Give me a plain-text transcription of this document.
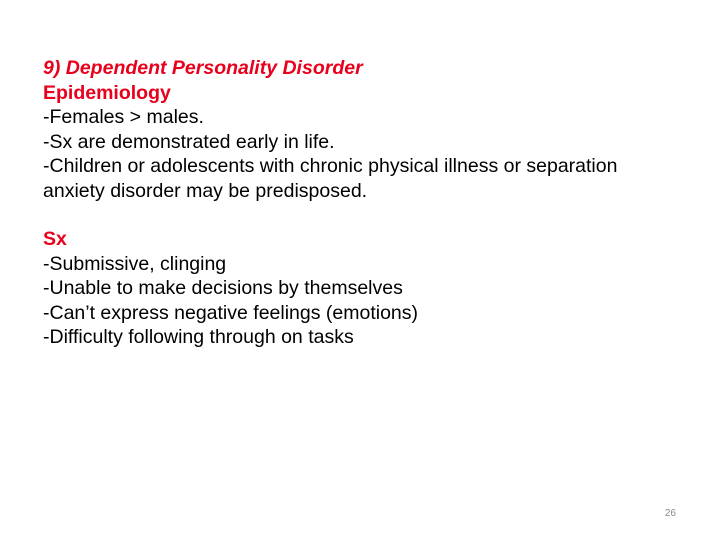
9) Dependent Personality Disorder
Epidemiology
-Females > males.
-Sx are demonstrated early in life.
-Children or adolescents with chronic physical illness or separation anxiety disorder may be predisposed.
Sx
-Submissive, clinging
-Unable to make decisions by themselves
-Can’t express negative feelings (emotions)
-Difficulty following through on tasks
26
